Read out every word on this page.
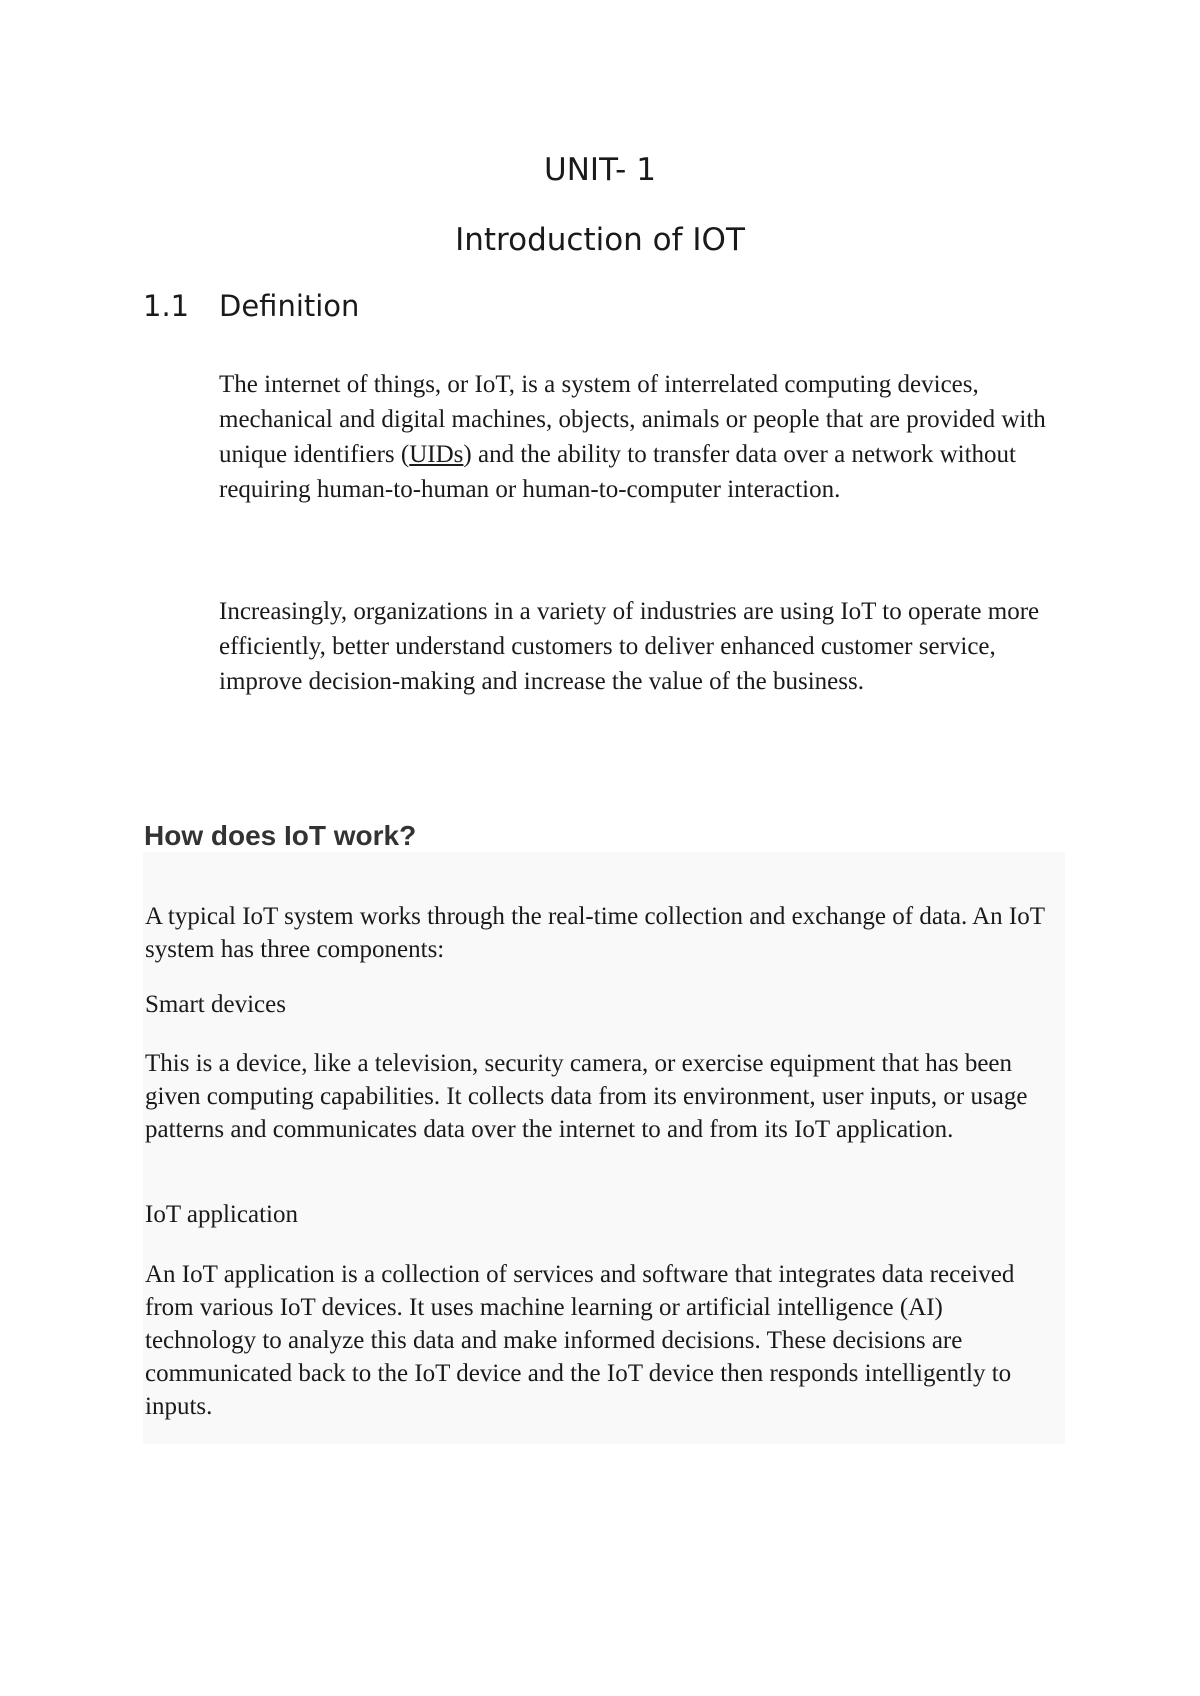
UNIT- 1
Introduction of IOT
1.1 Definition
The internet of things, or IoT, is a system of interrelated computing devices, mechanical and digital machines, objects, animals or people that are provided with unique identifiers (UIDs) and the ability to transfer data over a network without requiring human-to-human or human-to-computer interaction.
Increasingly, organizations in a variety of industries are using IoT to operate more efficiently, better understand customers to deliver enhanced customer service, improve decision-making and increase the value of the business.
How does IoT work?
A typical IoT system works through the real-time collection and exchange of data. An IoT system has three components:
Smart devices
This is a device, like a television, security camera, or exercise equipment that has been given computing capabilities. It collects data from its environment, user inputs, or usage patterns and communicates data over the internet to and from its IoT application.
IoT application
An IoT application is a collection of services and software that integrates data received from various IoT devices. It uses machine learning or artificial intelligence (AI) technology to analyze this data and make informed decisions. These decisions are communicated back to the IoT device and the IoT device then responds intelligently to inputs.
